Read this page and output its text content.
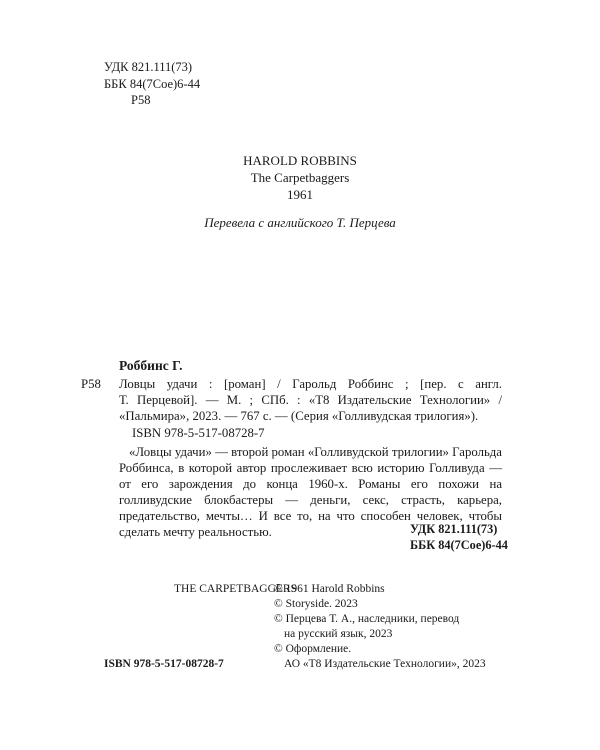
УДК 821.111(73)
ББК 84(7Сое)6-44
Р58
HAROLD ROBBINS
The Carpetbaggers
1961
Перевела с английского Т. Перцева
Роббинс Г.
Р58 Ловцы удачи : [роман] / Гарольд Роббинс ; [пер. с англ.
Т. Перцевой]. — М. ; СПб. : «Т8 Издательские Технологии» /
«Пальмира», 2023. — 767 с. — (Серия «Голливудская трилогия»).
ISBN 978-5-517-08728-7
«Ловцы удачи» — второй роман «Голливудской трилогии» Гарольда Роббинса, в которой автор прослеживает всю историю Голливуда — от его зарождения до конца 1960-х. Романы его похожи на голливудские блокбастеры — деньги, секс, страсть, карьера, предательство, мечты… И все то, на что способен человек, чтобы сделать мечту реальностью.	УДК 821.111(73)
ББК 84(7Сое)6-44
THE CARPETBAGGERS
© 1961 Harold Robbins
© Storyside. 2023
© Перцева Т. А., наследники, перевод
на русский язык, 2023
© Оформление.
АО «Т8 Издательские Технологии», 2023
ISBN 978-5-517-08728-7
